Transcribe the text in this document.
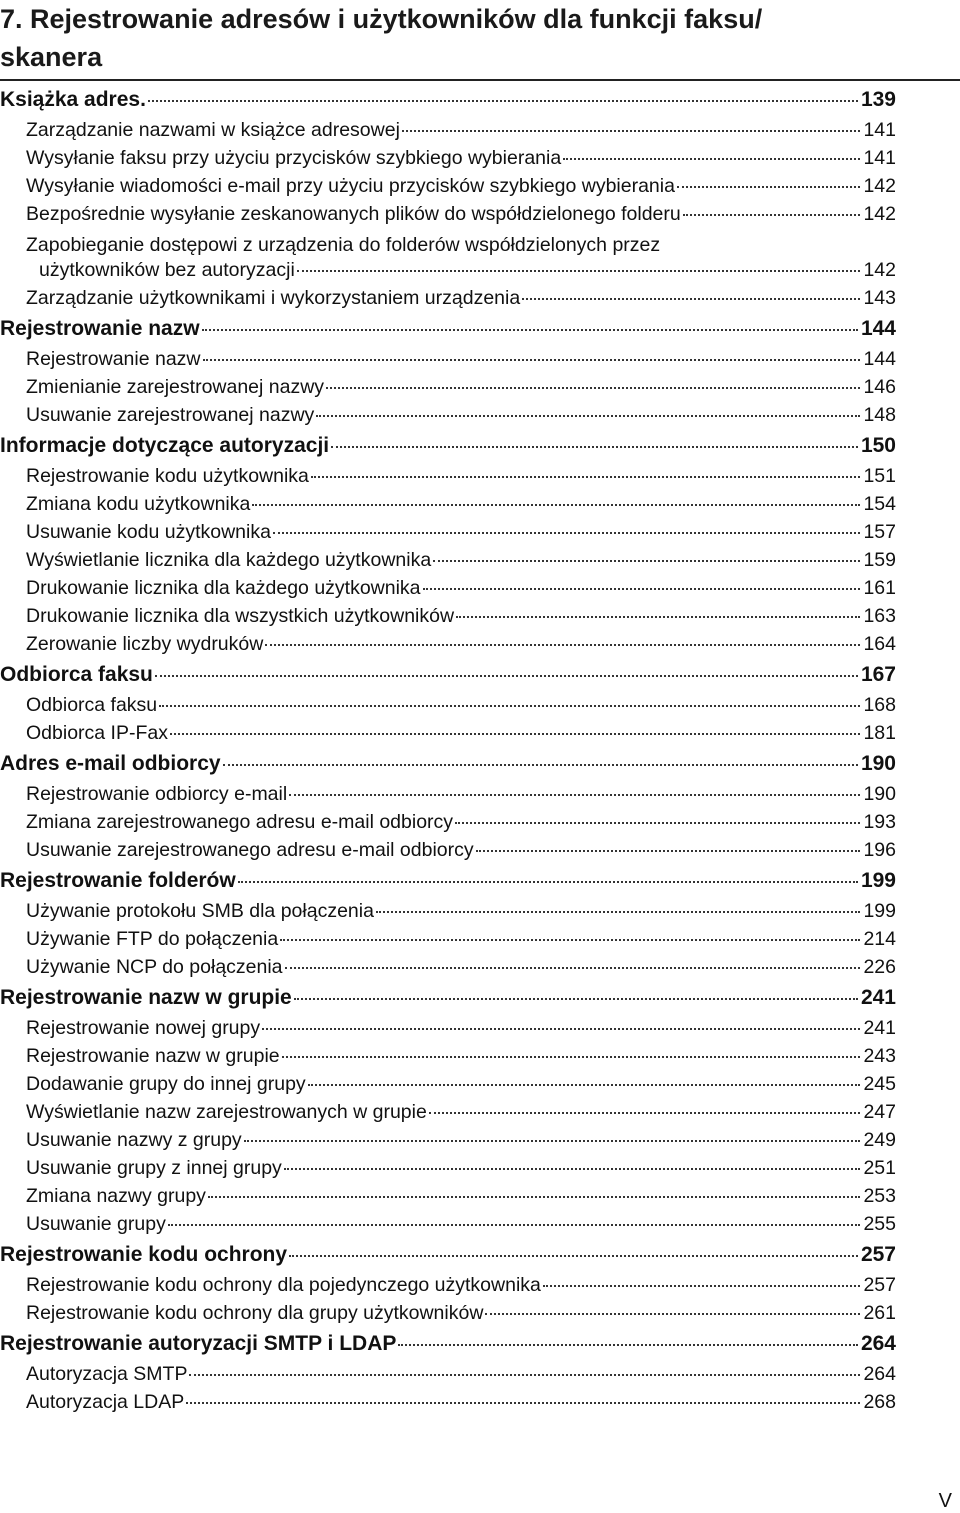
7. Rejestrowanie adresów i użytkowników dla funkcji faksu/
skanera
Książka adres.	139
Zarządzanie nazwami w książce adresowej	141
Wysyłanie faksu przy użyciu przycisków szybkiego wybierania	141
Wysyłanie wiadomości e-mail przy użyciu przycisków szybkiego wybierania	142
Bezpośrednie wysyłanie zeskanowanych plików do współdzielonego folderu	142
Zapobieganie dostępowi z urządzenia do folderów współdzielonych przez
użytkowników bez autoryzacji	142
Zarządzanie użytkownikami i wykorzystaniem urządzenia	143
Rejestrowanie nazw	144
Rejestrowanie nazw	144
Zmienianie zarejestrowanej nazwy	146
Usuwanie zarejestrowanej nazwy	148
Informacje dotyczące autoryzacji	150
Rejestrowanie kodu użytkownika	151
Zmiana kodu użytkownika	154
Usuwanie kodu użytkownika	157
Wyświetlanie licznika dla każdego użytkownika	159
Drukowanie licznika dla każdego użytkownika	161
Drukowanie licznika dla wszystkich użytkowników	163
Zerowanie liczby wydruków	164
Odbiorca faksu	167
Odbiorca faksu	168
Odbiorca IP-Fax	181
Adres e-mail odbiorcy	190
Rejestrowanie odbiorcy e-mail	190
Zmiana zarejestrowanego adresu e-mail odbiorcy	193
Usuwanie zarejestrowanego adresu e-mail odbiorcy	196
Rejestrowanie folderów	199
Używanie protokołu SMB dla połączenia	199
Używanie FTP do połączenia	214
Używanie NCP do połączenia	226
Rejestrowanie nazw w grupie	241
Rejestrowanie nowej grupy	241
Rejestrowanie nazw w grupie	243
Dodawanie grupy do innej grupy	245
Wyświetlanie nazw zarejestrowanych w grupie	247
Usuwanie nazwy z grupy	249
Usuwanie grupy z innej grupy	251
Zmiana nazwy grupy	253
Usuwanie grupy	255
Rejestrowanie kodu ochrony	257
Rejestrowanie kodu ochrony dla pojedynczego użytkownika	257
Rejestrowanie kodu ochrony dla grupy użytkowników	261
Rejestrowanie autoryzacji SMTP i LDAP	264
Autoryzacja SMTP	264
Autoryzacja LDAP	268
V
